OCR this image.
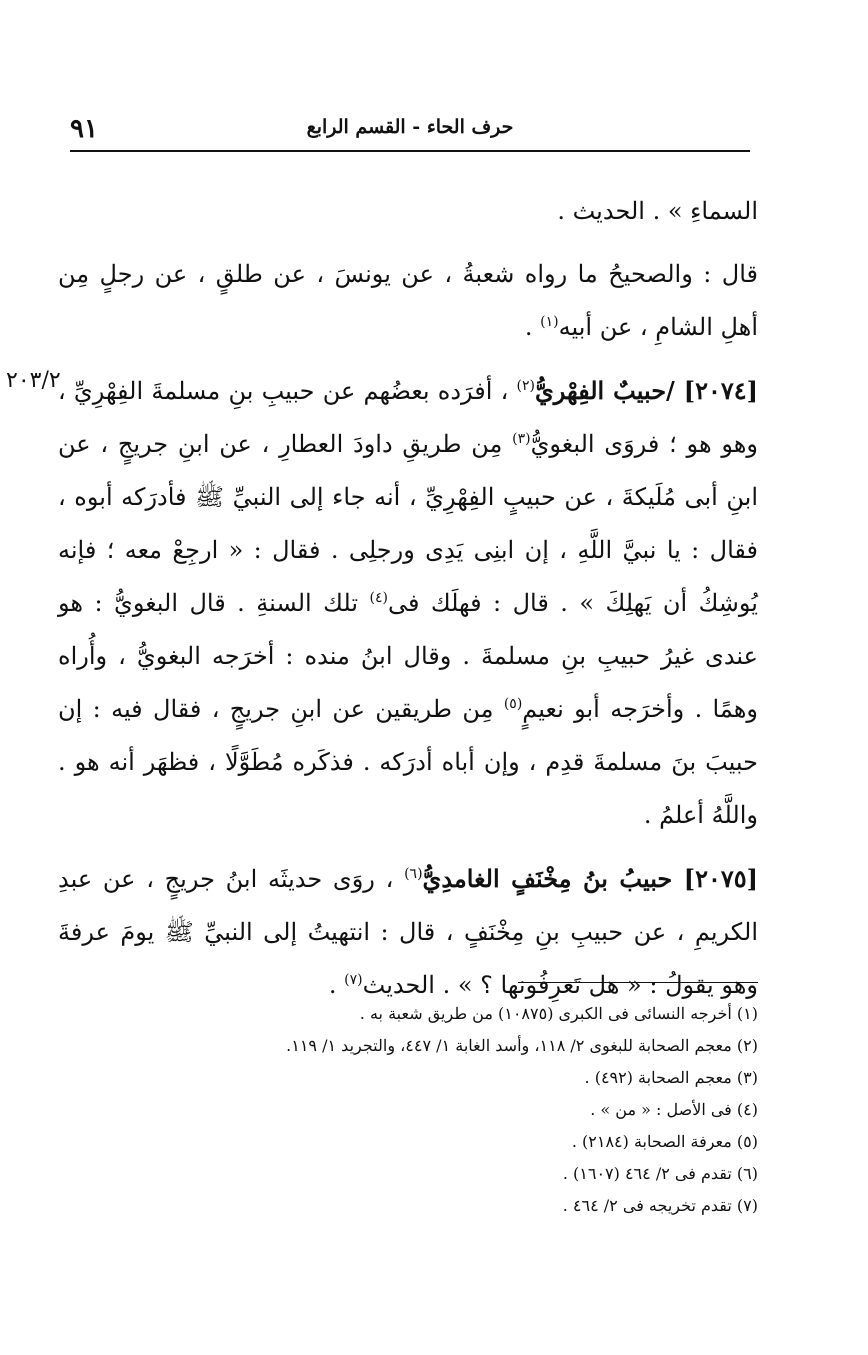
٩١	حرف الحاء - القسم الرابع
٢٠٣/٢

السماءِ » . الحديث .

قال : والصحيحُ ما رواه شعبةُ ، عن يونسَ ، عن طلقٍ ، عن رجلٍ مِن أهلِ الشامِ ، عن أبيه$^{(١)}$ .

[٢٠٧٤] /حبيبٌ الفِهْريُّ$^{(٢)}$ ، أفرَده بعضُهم عن حبيبِ بنِ مسلمةَ الفِهْرِيِّ ، وهو هو ؛ فروَى البغويُّ$^{(٣)}$ مِن طريقِ داودَ العطارِ ، عن ابنِ جريجٍ ، عن ابنِ أبى مُلَيكةَ ، عن حبيبٍ الفِهْرِيِّ ، أنه جاء إلى النبيِّ ﷺ فأدرَكه أبوه ، فقال : يا نبيَّ اللَّهِ ، إن ابنِى يَدِى ورجلِى . فقال : « ارجِعْ معه ؛ فإنه يُوشِكُ أن يَهلِكَ » . قال : فهلَك فى$^{(٤)}$ تلك السنةِ . قال البغويُّ : هو عندى غيرُ حبيبِ بنِ مسلمةَ . وقال ابنُ منده : أخرَجه البغويُّ ، وأُراه وهمًا . وأخرَجه أبو نعيمٍ$^{(٥)}$ مِن طريقين عن ابنِ جريجٍ ، فقال فيه : إن حبيبَ بنَ مسلمةَ قدِم ، وإن أباه أدرَكه . فذكَره مُطَوَّلًا ، فظهَر أنه هو . واللَّهُ أعلمُ .

[٢٠٧٥] حبيبُ بنُ مِخْنَفٍ الغامدِيُّ$^{(٦)}$ ، روَى حديثَه ابنُ جريجٍ ، عن عبدِ الكريمِ ، عن حبيبِ بنِ مِخْنَفٍ ، قال : انتهيتُ إلى النبيِّ ﷺ يومَ عرفةَ وهو يقولُ : « هل تَعرِفُونها ؟ » . الحديث$^{(٧)}$ .

(١) أخرجه النسائى فى الكبرى (١٠٨٧٥) من طريق شعبة به .

(٢) معجم الصحابة للبغوى ٢/ ١١٨، وأسد الغابة ١/ ٤٤٧، والتجريد ١/ ١١٩.

(٣) معجم الصحابة (٤٩٢) .

(٤) فى الأصل : « من » .

(٥) معرفة الصحابة (٢١٨٤) .

(٦) تقدم فى ٢/ ٤٦٤ (١٦٠٧) .

(٧) تقدم تخريجه فى ٢/ ٤٦٤ .
